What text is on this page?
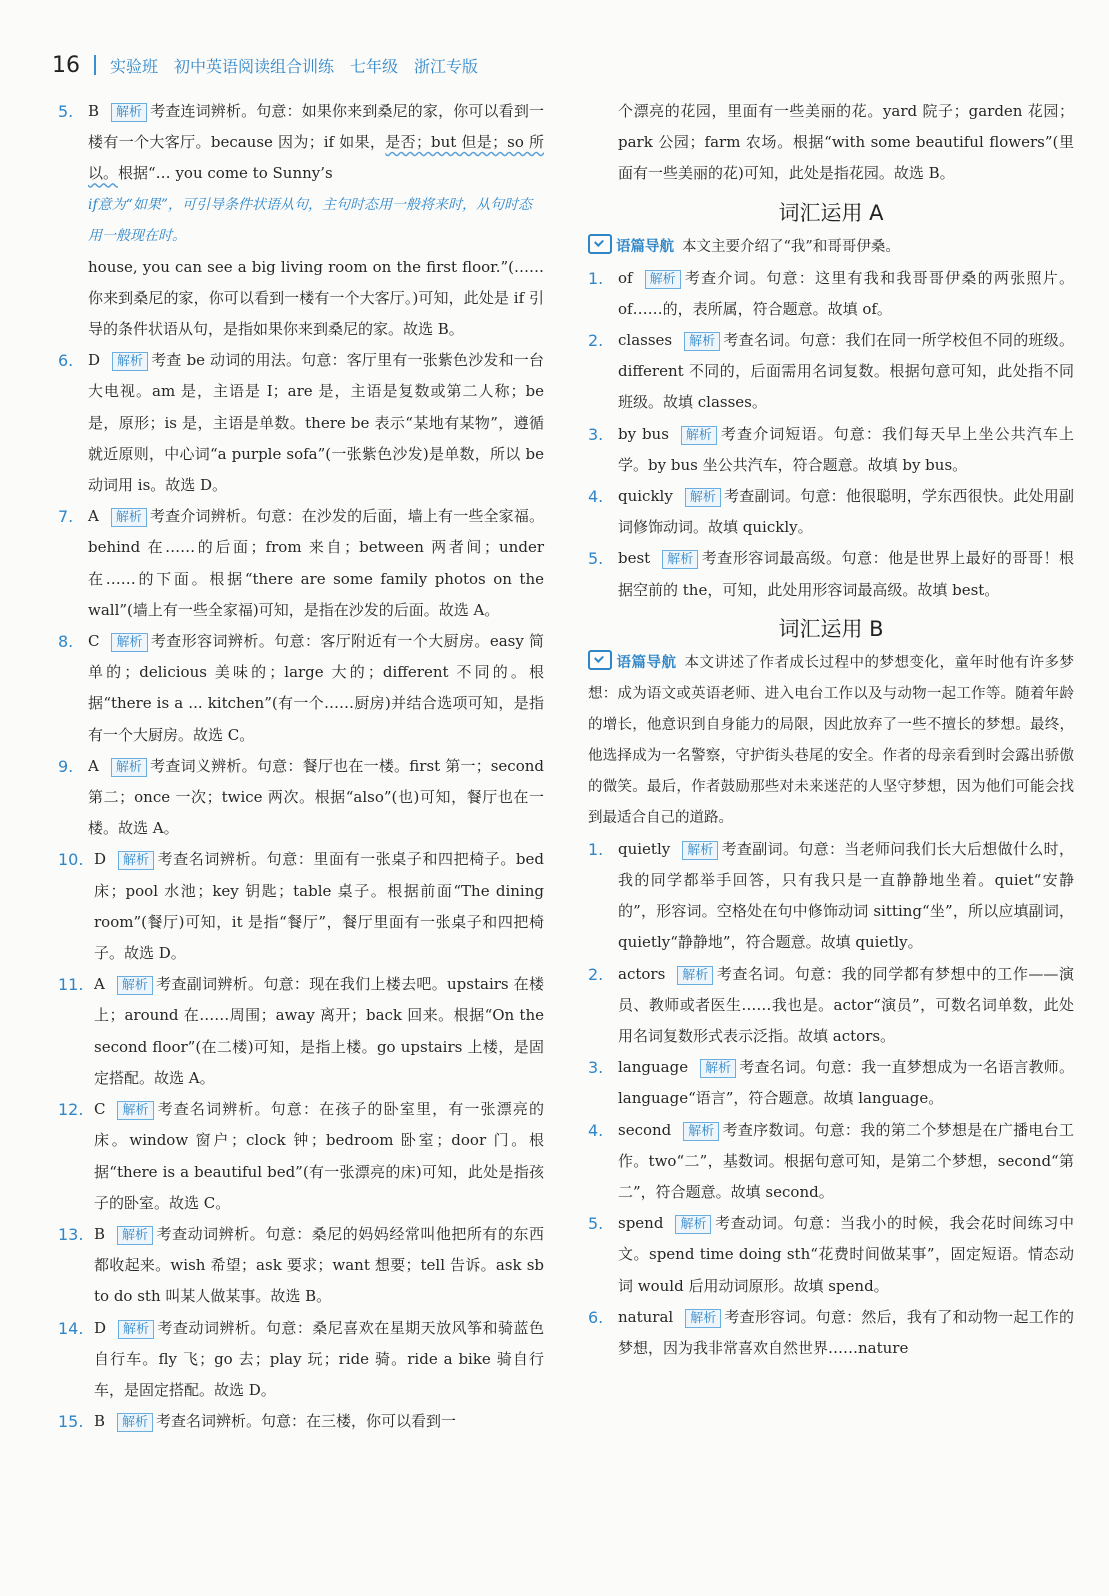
16 实验班 初中英语阅读组合训练 七年级 浙江专版

5. B 解析 考查连词辨析。句意：如果你来到桑尼的家，你可以看到一楼有一个大客厅。because 因为；if 如果，是否；but 但是；so 所以。根据“… you come to Sunny’s

if意为“如果”，可引导条件状语从句，主句时态用一般将来时，从句时态用一般现在时。

house, you can see a big living room on the first floor.”(……你来到桑尼的家，你可以看到一楼有一个大客厅。)可知，此处是 if 引导的条件状语从句，是指如果你来到桑尼的家。故选 B。

6. D 解析 考查 be 动词的用法。句意：客厅里有一张紫色沙发和一台大电视。am 是，主语是 I；are 是，主语是复数或第二人称；be 是，原形；is 是，主语是单数。there be 表示“某地有某物”，遵循就近原则，中心词“a purple sofa”(一张紫色沙发)是单数，所以 be 动词用 is。故选 D。

7. A 解析 考查介词辨析。句意：在沙发的后面，墙上有一些全家福。behind 在……的后面；from 来自；between 两者间；under 在……的下面。根据“there are some family photos on the wall”(墙上有一些全家福)可知，是指在沙发的后面。故选 A。

8. C 解析 考查形容词辨析。句意：客厅附近有一个大厨房。easy 简单的；delicious 美味的；large 大的；different 不同的。根据“there is a ... kitchen”(有一个……厨房)并结合选项可知，是指有一个大厨房。故选 C。

9. A 解析 考查词义辨析。句意：餐厅也在一楼。first 第一；second 第二；once 一次；twice 两次。根据“also”(也)可知，餐厅也在一楼。故选 A。

10. D 解析 考查名词辨析。句意：里面有一张桌子和四把椅子。bed 床；pool 水池；key 钥匙；table 桌子。根据前面“The dining room”(餐厅)可知，it 是指“餐厅”，餐厅里面有一张桌子和四把椅子。故选 D。

11. A 解析 考查副词辨析。句意：现在我们上楼去吧。upstairs 在楼上；around 在……周围；away 离开；back 回来。根据“On the second floor”(在二楼)可知，是指上楼。go upstairs 上楼，是固定搭配。故选 A。

12. C 解析 考查名词辨析。句意：在孩子的卧室里，有一张漂亮的床。window 窗户；clock 钟；bedroom 卧室；door 门。根据“there is a beautiful bed”(有一张漂亮的床)可知，此处是指孩子的卧室。故选 C。

13. B 解析 考查动词辨析。句意：桑尼的妈妈经常叫他把所有的东西都收起来。wish 希望；ask 要求；want 想要；tell 告诉。ask sb to do sth 叫某人做某事。故选 B。

14. D 解析 考查动词辨析。句意：桑尼喜欢在星期天放风筝和骑蓝色自行车。fly 飞；go 去；play 玩；ride 骑。ride a bike 骑自行车，是固定搭配。故选 D。

15. B 解析 考查名词辨析。句意：在三楼，你可以看到一

个漂亮的花园，里面有一些美丽的花。yard 院子；garden 花园；park 公园；farm 农场。根据“with some beautiful flowers”(里面有一些美丽的花)可知，此处是指花园。故选 B。

词汇运用 A

语篇导航 本文主要介绍了“我”和哥哥伊桑。

1. of 解析 考查介词。句意：这里有我和我哥哥伊桑的两张照片。of……的，表所属，符合题意。故填 of。

2. classes 解析 考查名词。句意：我们在同一所学校但不同的班级。different 不同的，后面需用名词复数。根据句意可知，此处指不同班级。故填 classes。

3. by bus 解析 考查介词短语。句意：我们每天早上坐公共汽车上学。by bus 坐公共汽车，符合题意。故填 by bus。

4. quickly 解析 考查副词。句意：他很聪明，学东西很快。此处用副词修饰动词。故填 quickly。

5. best 解析 考查形容词最高级。句意：他是世界上最好的哥哥！根据空前的 the，可知，此处用形容词最高级。故填 best。

词汇运用 B

语篇导航 本文讲述了作者成长过程中的梦想变化，童年时他有许多梦想：成为语文或英语老师、进入电台工作以及与动物一起工作等。随着年龄的增长，他意识到自身能力的局限，因此放弃了一些不擅长的梦想。最终，他选择成为一名警察，守护街头巷尾的安全。作者的母亲看到时会露出骄傲的微笑。最后，作者鼓励那些对未来迷茫的人坚守梦想，因为他们可能会找到最适合自己的道路。

1. quietly 解析 考查副词。句意：当老师问我们长大后想做什么时，我的同学都举手回答，只有我只是一直静静地坐着。quiet“安静的”，形容词。空格处在句中修饰动词 sitting“坐”，所以应填副词，quietly“静静地”，符合题意。故填 quietly。

2. actors 解析 考查名词。句意：我的同学都有梦想中的工作——演员、教师或者医生……我也是。actor“演员”，可数名词单数，此处用名词复数形式表示泛指。故填 actors。

3. language 解析 考查名词。句意：我一直梦想成为一名语言教师。language“语言”，符合题意。故填 language。

4. second 解析 考查序数词。句意：我的第二个梦想是在广播电台工作。two“二”，基数词。根据句意可知，是第二个梦想，second“第二”，符合题意。故填 second。

5. spend 解析 考查动词。句意：当我小的时候，我会花时间练习中文。spend time doing sth“花费时间做某事”，固定短语。情态动词 would 后用动词原形。故填 spend。

6. natural 解析 考查形容词。句意：然后，我有了和动物一起工作的梦想，因为我非常喜欢自然世界……nature
